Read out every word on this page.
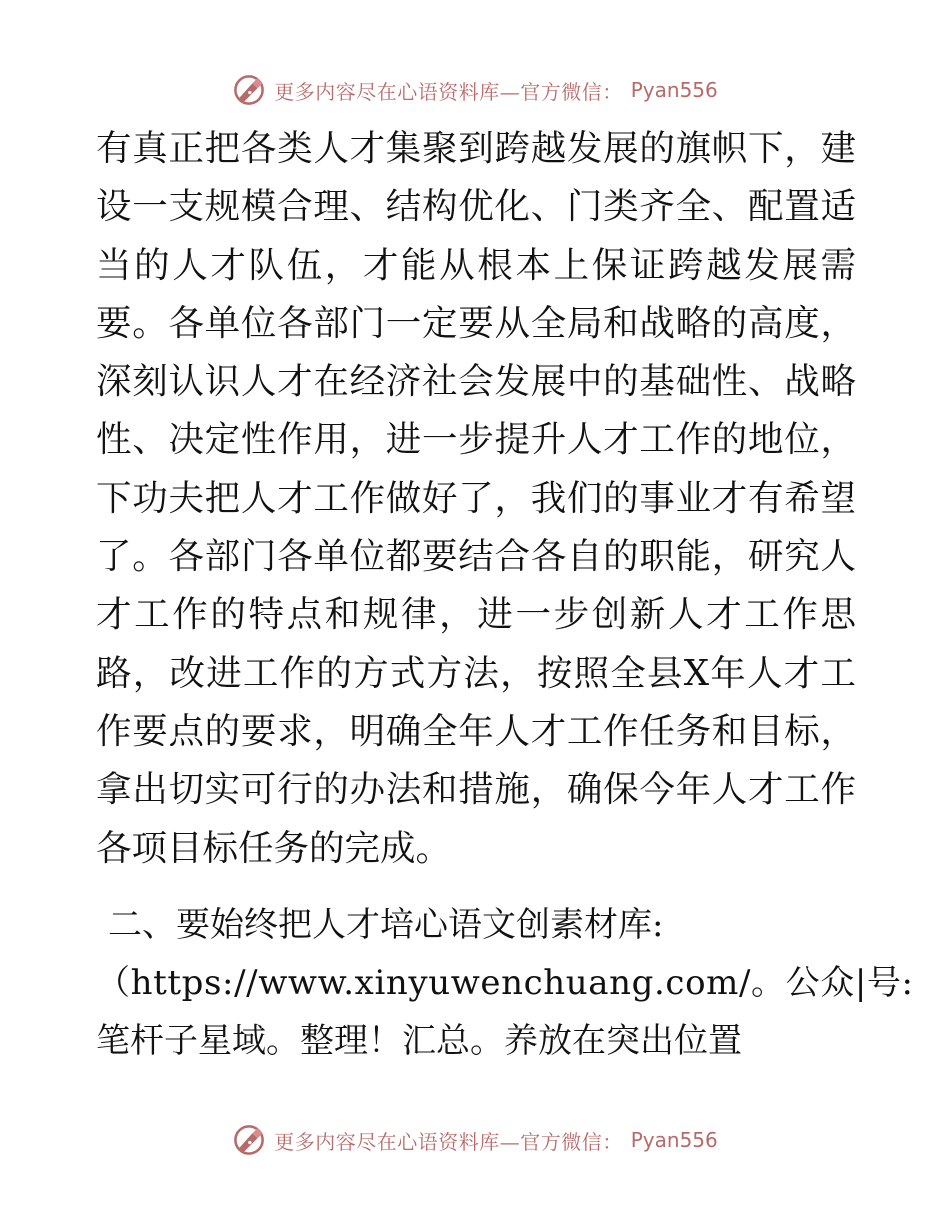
更多内容尽在心语资料库—官方微信： Pyan556

有真正把各类人才集聚到跨越发展的旗帜下，建设一支规模合理、结构优化、门类齐全、配置适当的人才队伍，才能从根本上保证跨越发展需要。各单位各部门一定要从全局和战略的高度，深刻认识人才在经济社会发展中的基础性、战略性、决定性作用，进一步提升人才工作的地位，下功夫把人才工作做好了，我们的事业才有希望了。各部门各单位都要结合各自的职能，研究人才工作的特点和规律，进一步创新人才工作思路，改进工作的方式方法，按照全县X年人才工作要点的要求，明确全年人才工作任务和目标，拿出切实可行的办法和措施，确保今年人才工作各项目标任务的完成。

二、要始终把人才培心语文创素材库:

（https://www.xinyuwenchuang.com/。公众|号:

笔杆子星域。整理！汇总。养放在突出位置

更多内容尽在心语资料库—官方微信： Pyan556
